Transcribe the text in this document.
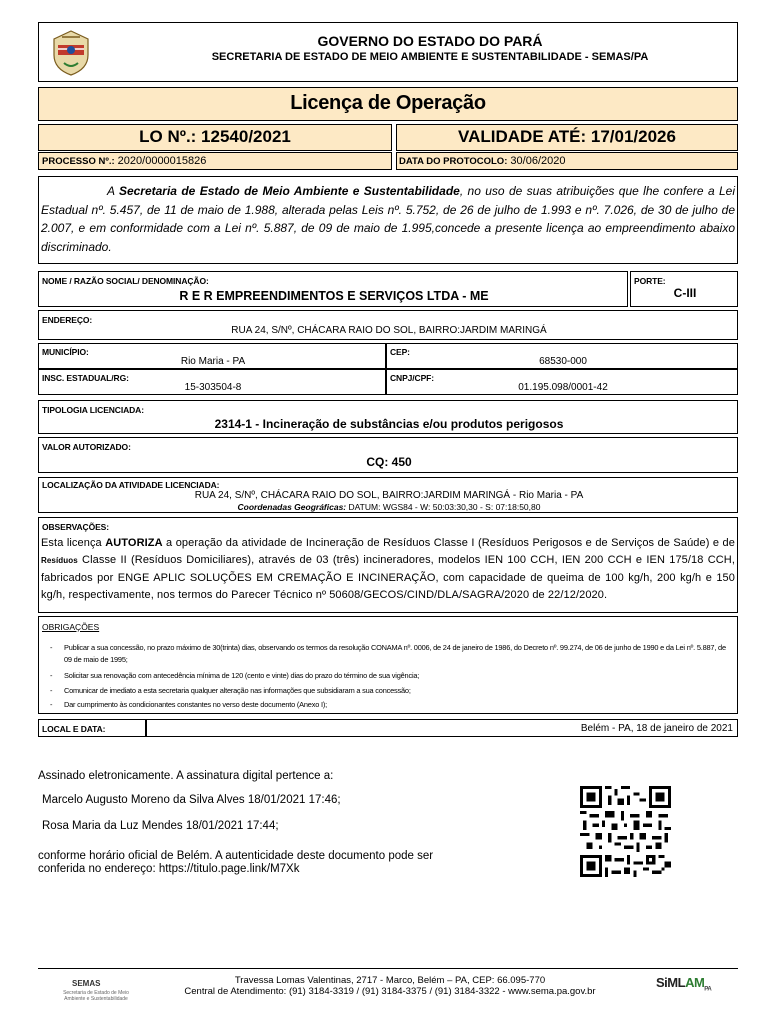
GOVERNO DO ESTADO DO PARÁ
SECRETARIA DE ESTADO DE MEIO AMBIENTE E SUSTENTABILIDADE - SEMAS/PA
Licença de Operação
LO Nº.: 12540/2021	VALIDADE ATÉ: 17/01/2026
PROCESSO Nº.: 2020/0000015826	DATA DO PROTOCOLO: 30/06/2020
A Secretaria de Estado de Meio Ambiente e Sustentabilidade, no uso de suas atribuições que lhe confere a Lei Estadual nº. 5.457, de 11 de maio de 1.988, alterada pelas Leis nº. 5.752, de 26 de julho de 1.993 e nº. 7.026, de 30 de julho de 2.007, e em conformidade com a Lei nº. 5.887, de 09 de maio de 1.995,concede a presente licença ao empreendimento abaixo discriminado.
NOME / RAZÃO SOCIAL/ DENOMINAÇÃO:
R E R EMPREENDIMENTOS E SERVIÇOS LTDA - ME
PORTE:
C-III
ENDEREÇO:
RUA 24, S/Nº, CHÁCARA RAIO DO SOL, BAIRRO:JARDIM MARINGÁ
MUNICÍPIO:
Rio Maria - PA
CEP:
68530-000
INSC. ESTADUAL/RG:
15-303504-8
CNPJ/CPF:
01.195.098/0001-42
TIPOLOGIA LICENCIADA:
2314-1 - Incineração de substâncias e/ou produtos perigosos
VALOR AUTORIZADO:
CQ: 450
LOCALIZAÇÃO DA ATIVIDADE LICENCIADA:
RUA 24, S/Nº, CHÁCARA RAIO DO SOL, BAIRRO:JARDIM MARINGÁ - Rio Maria - PA
Coordenadas Geográficas: DATUM: WGS84 - W: 50:03:30,30 - S: 07:18:50,80
OBSERVAÇÕES:
Esta licença AUTORIZA a operação da atividade de Incineração de Resíduos Classe I (Resíduos Perigosos e de Serviços de Saúde) e de Resíduos Classe II (Resíduos Domiciliares), através de 03 (três) incineradores, modelos IEN 100 CCH, IEN 200 CCH e IEN 175/18 CCH, fabricados por ENGE APLIC SOLUÇÕES EM CREMAÇÃO E INCINERAÇÃO, com capacidade de queima de 100 kg/h, 200 kg/h e 150 kg/h, respectivamente, nos termos do Parecer Técnico nº 50608/GECOS/CIND/DLA/SAGRA/2020 de 22/12/2020.
OBRIGAÇÕES
-	Publicar a sua concessão, no prazo máximo de 30(trinta) dias, observando os termos da resolução CONAMA nº. 0006, de 24 de janeiro de 1986, do Decreto nº. 99.274, de 06 de junho de 1990 e da Lei nº. 5.887, de 09 de maio de 1995;
-	Solicitar sua renovação com antecedência mínima de 120 (cento e vinte) dias do prazo do término de sua vigência;
-	Comunicar de imediato a esta secretaria qualquer alteração nas informações que subsidiaram a sua concessão;
-	Dar cumprimento às condicionantes constantes no verso deste documento (Anexo I);
LOCAL E DATA:	Belém - PA, 18 de janeiro de 2021
Assinado eletronicamente. A assinatura digital pertence a:
Marcelo Augusto Moreno da Silva Alves 18/01/2021 17:46;
Rosa Maria da Luz Mendes 18/01/2021 17:44;
conforme horário oficial de Belém. A autenticidade deste documento pode ser
conferida no endereço: https://titulo.page.link/M7Xk
SEMAS
Secretaria de Estado de Meio Ambiente e Sustentabilidade
Travessa Lomas Valentinas, 2717 - Marco, Belém – PA, CEP: 66.095-770
Central de Atendimento: (91) 3184-3319 / (91) 3184-3375 / (91) 3184-3322 - www.sema.pa.gov.br
SiMLAM$_{PA}$
